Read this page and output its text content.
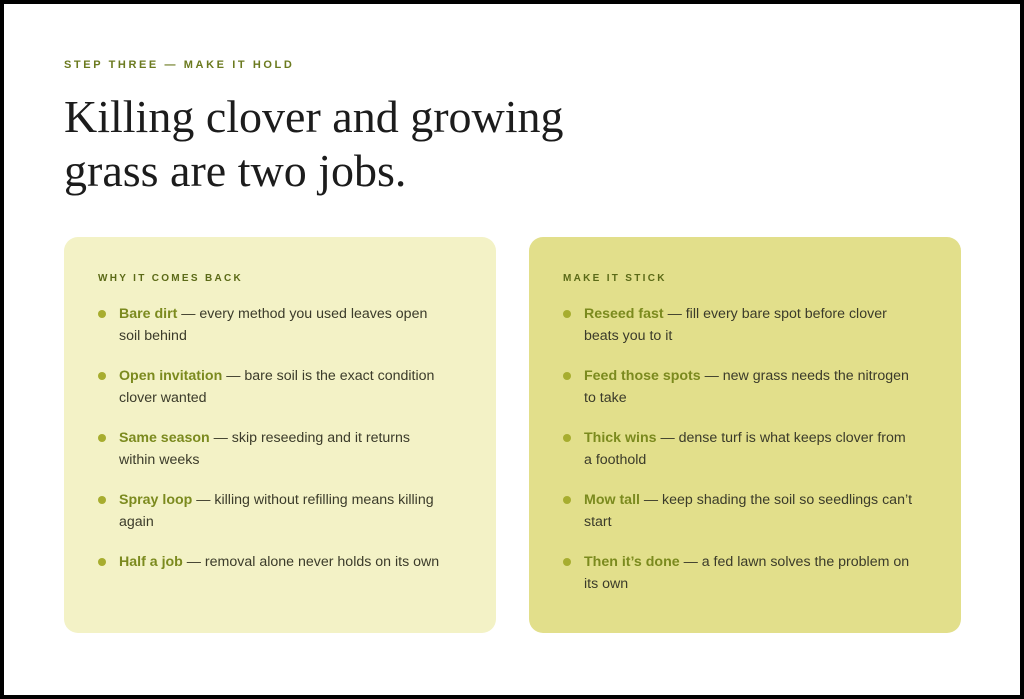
STEP THREE — MAKE IT HOLD
Killing clover and growing grass are two jobs.
WHY IT COMES BACK
Bare dirt — every method you used leaves open soil behind
Open invitation — bare soil is the exact condition clover wanted
Same season — skip reseeding and it returns within weeks
Spray loop — killing without refilling means killing again
Half a job — removal alone never holds on its own
MAKE IT STICK
Reseed fast — fill every bare spot before clover beats you to it
Feed those spots — new grass needs the nitrogen to take
Thick wins — dense turf is what keeps clover from a foothold
Mow tall — keep shading the soil so seedlings can’t start
Then it’s done — a fed lawn solves the problem on its own
